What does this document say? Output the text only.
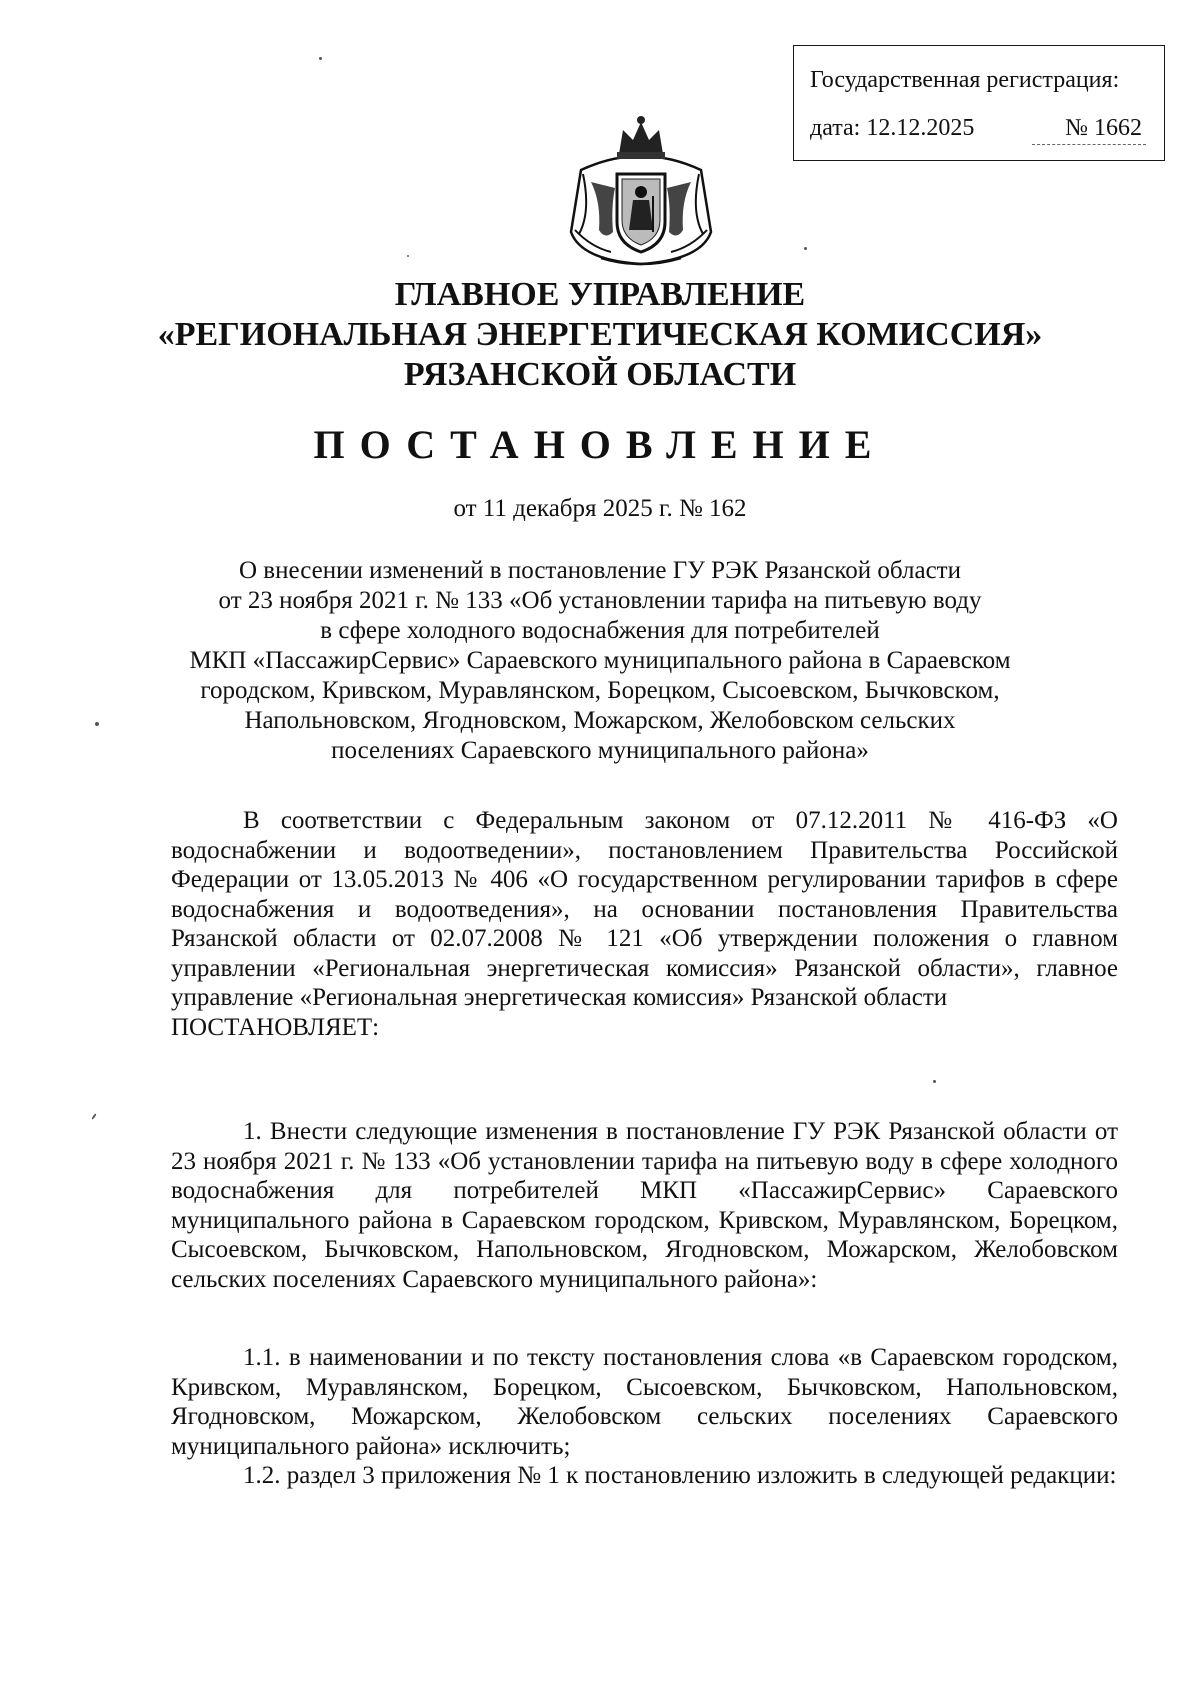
Государственная регистрация:
дата: 12.12.2025	№ 1662
ГЛАВНОЕ УПРАВЛЕНИЕ
«РЕГИОНАЛЬНАЯ ЭНЕРГЕТИЧЕСКАЯ КОМИССИЯ»
РЯЗАНСКОЙ ОБЛАСТИ
ПОСТАНОВЛЕНИЕ
от 11 декабря 2025 г. № 162
О внесении изменений в постановление ГУ РЭК Рязанской области
от 23 ноября 2021 г. № 133 «Об установлении тарифа на питьевую воду
в сфере холодного водоснабжения для потребителей
МКП «ПассажирСервис» Сараевского муниципального района в Сараевском
городском, Кривском, Муравлянском, Борецком, Сысоевском, Бычковском,
Напольновском, Ягодновском, Можарском, Желобовском сельских
поселениях Сараевского муниципального района»

В соответствии с Федеральным законом от 07.12.2011 № 416-ФЗ «О водоснабжении и водоотведении», постановлением Правительства Российской Федерации от 13.05.2013 № 406 «О государственном регулировании тарифов в сфере водоснабжения и водоотведения», на основании постановления Правительства Рязанской области от 02.07.2008 № 121 «Об утверждении положения о главном управлении «Региональная энергетическая комиссия» Рязанской области», главное управление «Региональная энергетическая комиссия» Рязанской области

ПОСТАНОВЛЯЕТ:

1. Внести следующие изменения в постановление ГУ РЭК Рязанской области от 23 ноября 2021 г. № 133 «Об установлении тарифа на питьевую воду в сфере холодного водоснабжения для потребителей МКП «ПассажирСервис» Сараевского муниципального района в Сараевском городском, Кривском, Муравлянском, Борецком, Сысоевском, Бычковском, Напольновском, Ягодновском, Можарском, Желобовском сельских поселениях Сараевского муниципального района»:

1.1. в наименовании и по тексту постановления слова «в Сараевском городском, Кривском, Муравлянском, Борецком, Сысоевском, Бычковском, Напольновском, Ягодновском, Можарском, Желобовском сельских поселениях Сараевского муниципального района» исключить;

1.2. раздел 3 приложения № 1 к постановлению изложить в следующей редакции:
